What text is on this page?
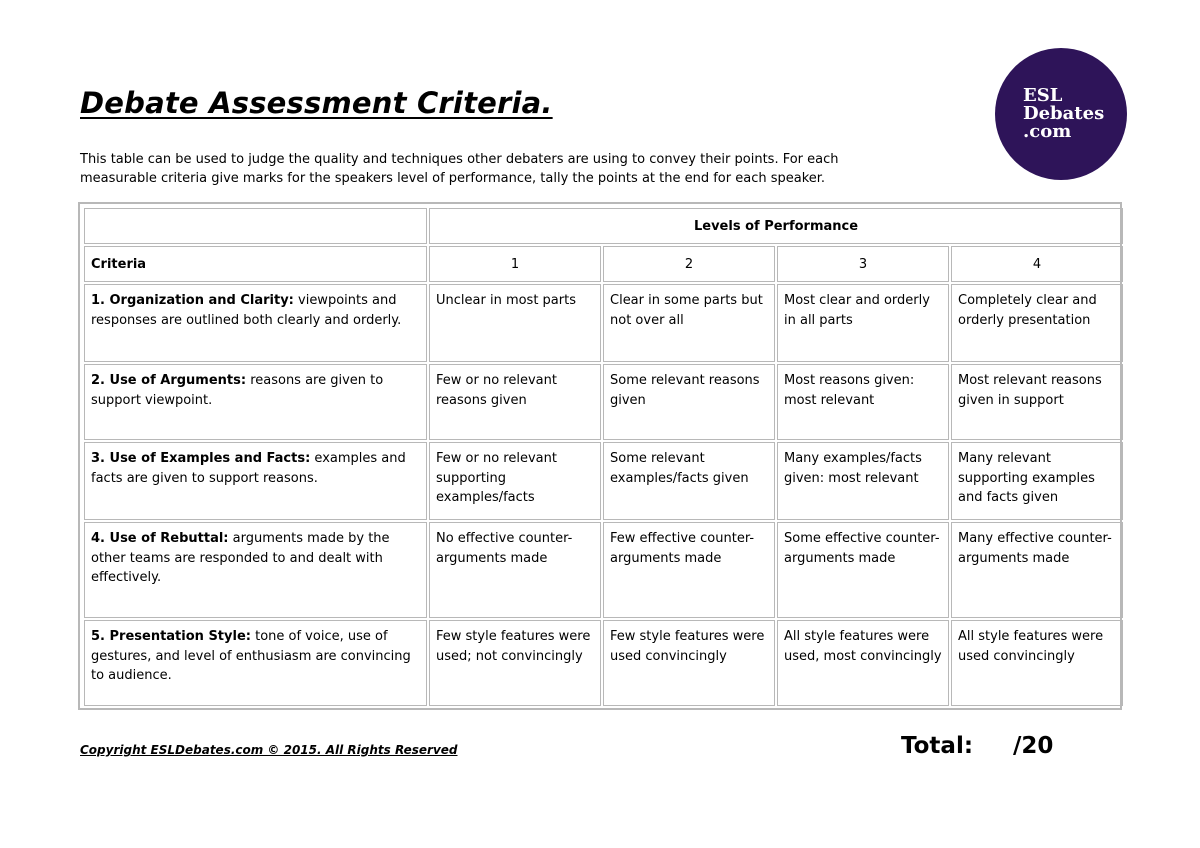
Debate Assessment Criteria.
This table can be used to judge the quality and techniques other debaters are using to convey their points. For each measurable criteria give marks for the speakers level of performance, tally the points at the end for each speaker.
ESL
Debates
.com
	Levels of Performance			
Criteria	1	2	3	4
1. Organization and Clarity: viewpoints and responses are outlined both clearly and orderly.	Unclear in most parts	Clear in some parts but not over all	Most clear and orderly in all parts	Completely clear and orderly presentation
2. Use of Arguments: reasons are given to support viewpoint.	Few or no relevant reasons given	Some relevant reasons given	Most reasons given: most relevant	Most relevant reasons given in support
3. Use of Examples and Facts: examples and facts are given to support reasons.	Few or no relevant supporting examples/facts	Some relevant examples/facts given	Many examples/facts given: most relevant	Many relevant supporting examples and facts given
4. Use of Rebuttal: arguments made by the other teams are responded to and dealt with effectively.	No effective counter-arguments made	Few effective counter-arguments made	Some effective counter-arguments made	Many effective counter-arguments made
5. Presentation Style: tone of voice, use of gestures, and level of enthusiasm are convincing to audience.	Few style features were used; not convincingly	Few style features were used convincingly	All style features were used, most convincingly	All style features were used convincingly
Copyright ESLDebates.com © 2015. All Rights Reserved	Total: /20
